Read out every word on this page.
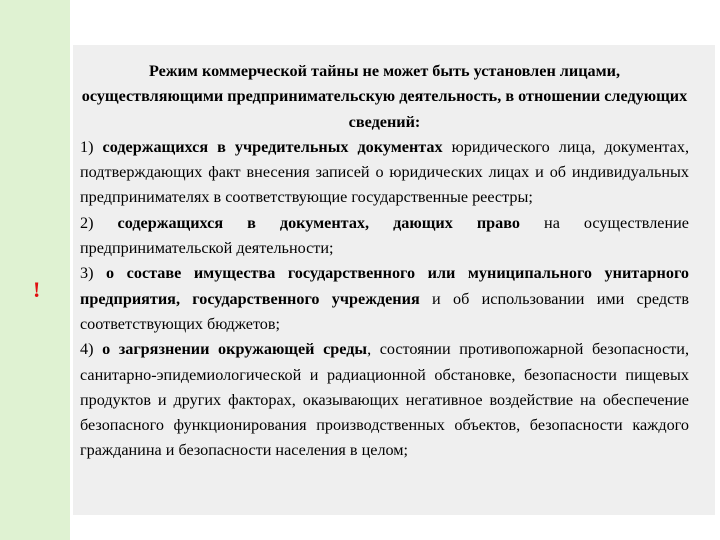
!

Режим коммерческой тайны не может быть установлен лицами, осуществляющими предпринимательскую деятельность, в отношении следующих сведений:

1) содержащихся в учредительных документах юридического лица, документах, подтверждающих факт внесения записей о юридических лицах и об индивидуальных предпринимателях в соответствующие государственные реестры;

2) содержащихся в документах, дающих право на осуществление предпринимательской деятельности;

3) о составе имущества государственного или муниципального унитарного предприятия, государственного учреждения и об использовании ими средств соответствующих бюджетов;

4) о загрязнении окружающей среды, состоянии противопожарной безопасности, санитарно-эпидемиологической и радиационной обстановке, безопасности пищевых продуктов и других факторах, оказывающих негативное воздействие на обеспечение безопасного функционирования производственных объектов, безопасности каждого гражданина и безопасности населения в целом;
